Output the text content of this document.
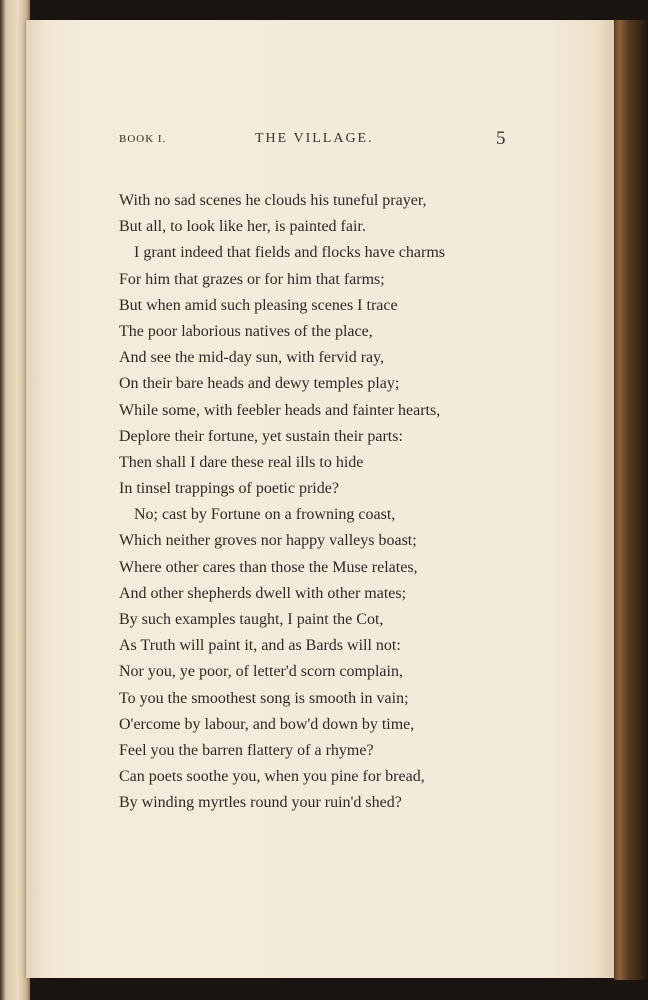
BOOK I.	THE VILLAGE.	5
With no sad scenes he clouds his tuneful prayer,
But all, to look like her, is painted fair.
I grant indeed that fields and flocks have charms
For him that grazes or for him that farms;
But when amid such pleasing scenes I trace
The poor laborious natives of the place,
And see the mid-day sun, with fervid ray,
On their bare heads and dewy temples play;
While some, with feebler heads and fainter hearts,
Deplore their fortune, yet sustain their parts:
Then shall I dare these real ills to hide
In tinsel trappings of poetic pride?
No; cast by Fortune on a frowning coast,
Which neither groves nor happy valleys boast;
Where other cares than those the Muse relates,
And other shepherds dwell with other mates;
By such examples taught, I paint the Cot,
As Truth will paint it, and as Bards will not:
Nor you, ye poor, of letter'd scorn complain,
To you the smoothest song is smooth in vain;
O'ercome by labour, and bow'd down by time,
Feel you the barren flattery of a rhyme?
Can poets soothe you, when you pine for bread,
By winding myrtles round your ruin'd shed?
